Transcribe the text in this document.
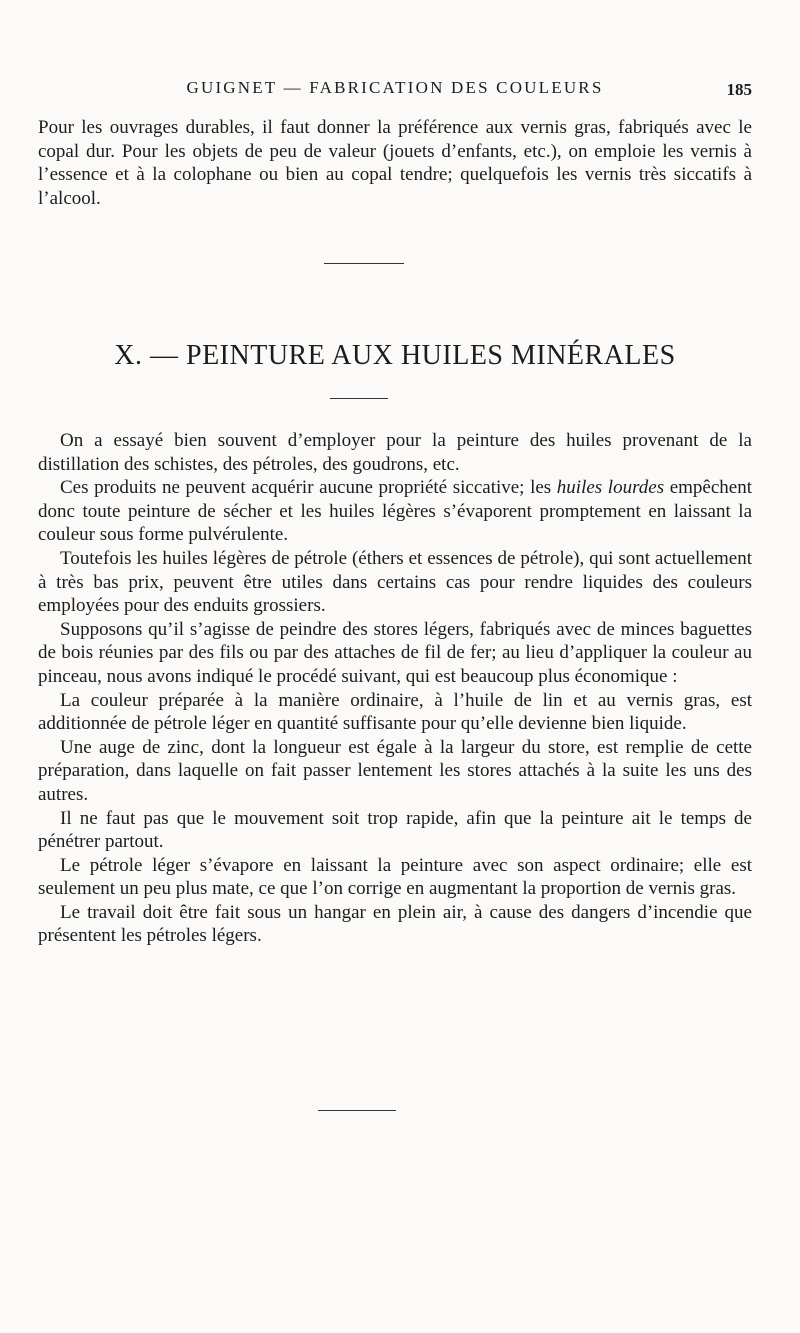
GUIGNET — FABRICATION DES COULEURS	185

Pour les ouvrages durables, il faut donner la préférence aux vernis gras, fabriqués avec le copal dur. Pour les objets de peu de valeur (jouets d’enfants, etc.), on emploie les vernis à l’essence et à la colophane ou bien au copal tendre; quelquefois les vernis très siccatifs à l’alcool.

X. — PEINTURE AUX HUILES MINÉRALES

On a essayé bien souvent d’employer pour la peinture des huiles provenant de la distillation des schistes, des pétroles, des goudrons, etc.

Ces produits ne peuvent acquérir aucune propriété siccative; les huiles lourdes empêchent donc toute peinture de sécher et les huiles légères s’évaporent promptement en laissant la couleur sous forme pulvérulente.

Toutefois les huiles légères de pétrole (éthers et essences de pétrole), qui sont actuellement à très bas prix, peuvent être utiles dans certains cas pour rendre liquides des couleurs employées pour des enduits grossiers.

Supposons qu’il s’agisse de peindre des stores légers, fabriqués avec de minces baguettes de bois réunies par des fils ou par des attaches de fil de fer; au lieu d’appliquer la couleur au pinceau, nous avons indiqué le procédé suivant, qui est beaucoup plus économique :

La couleur préparée à la manière ordinaire, à l’huile de lin et au vernis gras, est additionnée de pétrole léger en quantité suffisante pour qu’elle devienne bien liquide.

Une auge de zinc, dont la longueur est égale à la largeur du store, est remplie de cette préparation, dans laquelle on fait passer lentement les stores attachés à la suite les uns des autres.

Il ne faut pas que le mouvement soit trop rapide, afin que la peinture ait le temps de pénétrer partout.

Le pétrole léger s’évapore en laissant la peinture avec son aspect ordinaire; elle est seulement un peu plus mate, ce que l’on corrige en augmentant la proportion de vernis gras.

Le travail doit être fait sous un hangar en plein air, à cause des dangers d’incendie que présentent les pétroles légers.
